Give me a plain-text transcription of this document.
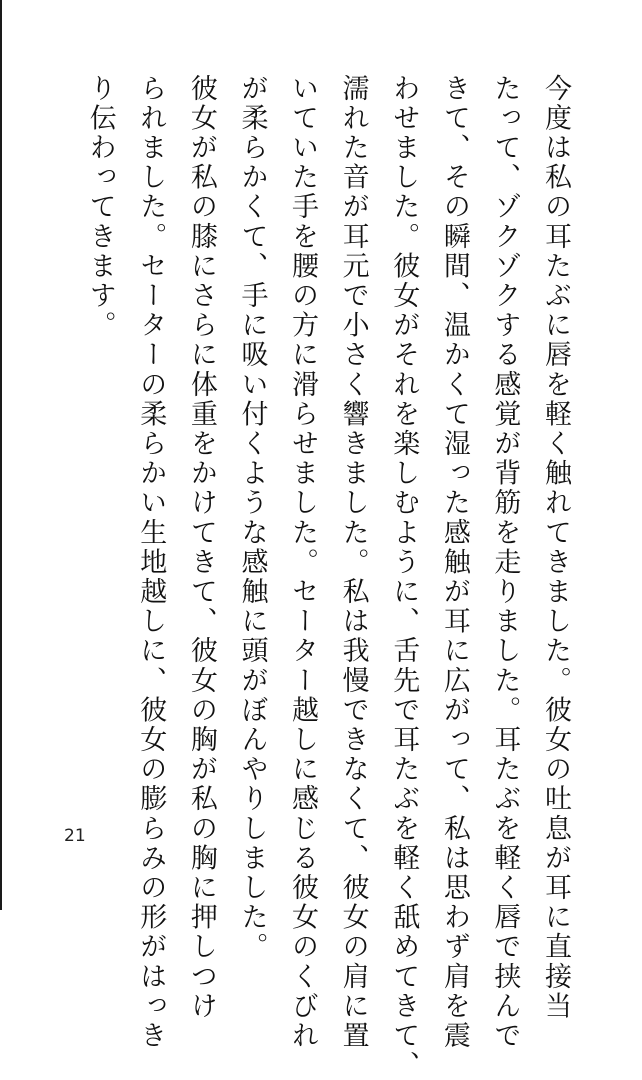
今度は私の耳たぶに唇を軽く触れてきました。彼女の吐息が耳に直接当
たって、ゾクゾクする感覚が背筋を走りました。耳たぶを軽く唇で挟んで
きて、その瞬間、温かくて湿った感触が耳に広がって、私は思わず肩を震
わせました。彼女がそれを楽しむように、舌先で耳たぶを軽く舐めてきて、
濡れた音が耳元で小さく響きました。私は我慢できなくて、彼女の肩に置
いていた手を腰の方に滑らせました。セーター越しに感じる彼女のくびれ
が柔らかくて、手に吸い付くような感触に頭がぼんやりしました。
彼女が私の膝にさらに体重をかけてきて、彼女の胸が私の胸に押しつけ
られました。セーターの柔らかい生地越しに、彼女の膨らみの形がはっき
り伝わってきます。
21
